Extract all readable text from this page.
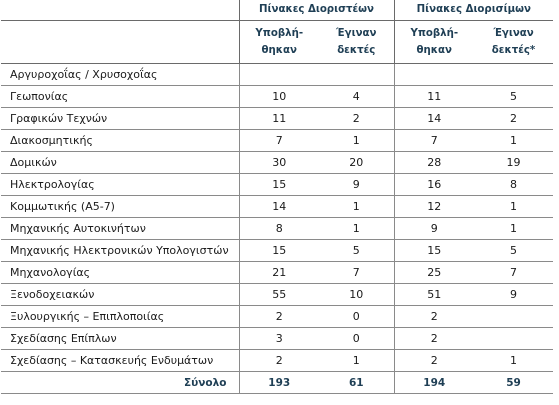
	Πίνακες Διοριστέων		Πίνακες Διορισίμων	
	Υποβλή- θηκαν	Έγιναν δεκτές	Υποβλή- θηκαν	Έγιναν δεκτές*
Αργυροχοΐας / Χρυσοχοΐας				
Γεωπονίας	10	4	11	5
Γραφικών Τεχνών	11	2	14	2
Διακοσμητικής	7	1	7	1
Δομικών	30	20	28	19
Ηλεκτρολογίας	15	9	16	8
Κομμωτικής (Α5-7)	14	1	12	1
Μηχανικής Αυτοκινήτων	8	1	9	1
Μηχανικής Ηλεκτρονικών Υπολογιστών	15	5	15	5
Μηχανολογίας	21	7	25	7
Ξενοδοχειακών	55	10	51	9
Ξυλουργικής – Επιπλοποιίας	2	0	2	
Σχεδίασης Επίπλων	3	0	2	
Σχεδίασης – Κατασκευής Ενδυμάτων	2	1	2	1
Σύνολο	193	61	194	59
